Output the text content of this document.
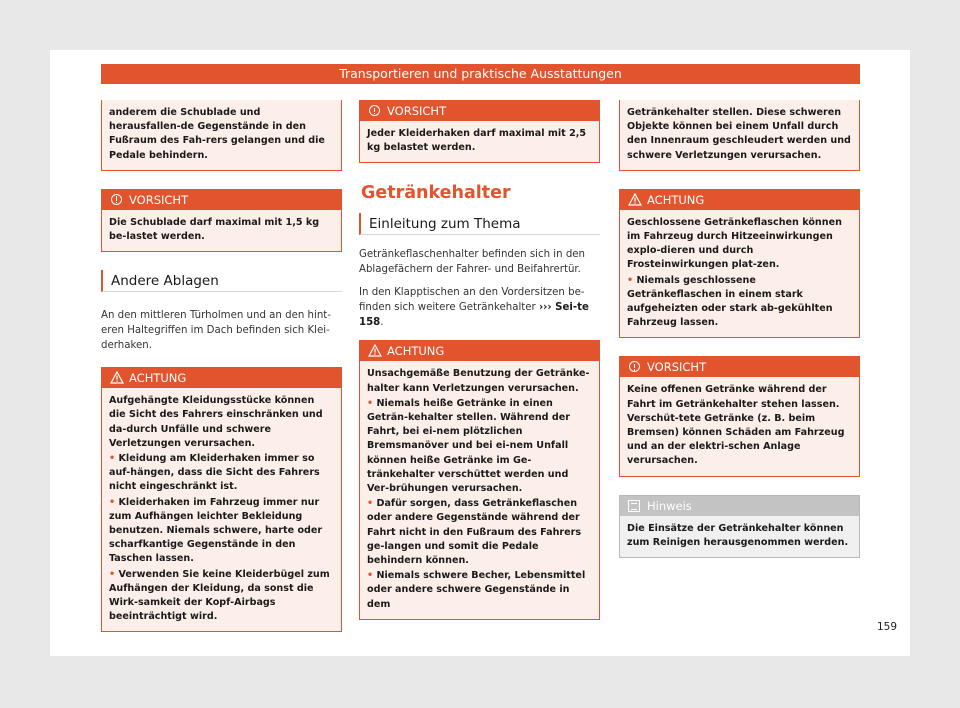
Transportieren und praktische Ausstattungen

anderem die Schublade und herausfallen-de Gegenstände in den Fußraum des Fah-rers gelangen und die Pedale behindern.

VORSICHT

Die Schublade darf maximal mit 1,5 kg be-lastet werden.

Andere Ablagen

An den mittleren Türholmen und an den hint-eren Haltegriffen im Dach befinden sich Klei-derhaken.

ACHTUNG

Aufgehängte Kleidungsstücke können die Sicht des Fahrers einschränken und da-durch Unfälle und schwere Verletzungen verursachen.

• Kleidung am Kleiderhaken immer so auf-hängen, dass die Sicht des Fahrers nicht eingeschränkt ist.

• Kleiderhaken im Fahrzeug immer nur zum Aufhängen leichter Bekleidung benutzen. Niemals schwere, harte oder scharfkantige Gegenstände in den Taschen lassen.

• Verwenden Sie keine Kleiderbügel zum Aufhängen der Kleidung, da sonst die Wirk-samkeit der Kopf-Airbags beeinträchtigt wird.

VORSICHT

Jeder Kleiderhaken darf maximal mit 2,5 kg belastet werden.

Getränkehalter
Einleitung zum Thema

Getränkeflaschenhalter befinden sich in den Ablagefächern der Fahrer- und Beifahrertür.

In den Klapptischen an den Vordersitzen be-finden sich weitere Getränkehalter ››› Sei-te 158.

ACHTUNG

Unsachgemäße Benutzung der Getränke-halter kann Verletzungen verursachen.

• Niemals heiße Getränke in einen Geträn-kehalter stellen. Während der Fahrt, bei ei-nem plötzlichen Bremsmanöver und bei ei-nem Unfall können heiße Getränke im Ge-tränkehalter verschüttet werden und Ver-brühungen verursachen.

• Dafür sorgen, dass Getränkeflaschen oder andere Gegenstände während der Fahrt nicht in den Fußraum des Fahrers ge-langen und somit die Pedale behindern können.

• Niemals schwere Becher, Lebensmittel oder andere schwere Gegenstände in dem

Getränkehalter stellen. Diese schweren Objekte können bei einem Unfall durch den Innenraum geschleudert werden und schwere Verletzungen verursachen.

ACHTUNG

Geschlossene Getränkeflaschen können im Fahrzeug durch Hitzeeinwirkungen explo-dieren und durch Frosteinwirkungen plat-zen.

• Niemals geschlossene Getränkeflaschen in einem stark aufgeheizten oder stark ab-gekühlten Fahrzeug lassen.

VORSICHT

Keine offenen Getränke während der Fahrt im Getränkehalter stehen lassen. Verschüt-tete Getränke (z. B. beim Bremsen) können Schäden am Fahrzeug und an der elektri-schen Anlage verursachen.

Hinweis

Die Einsätze der Getränkehalter können zum Reinigen herausgenommen werden.

159
